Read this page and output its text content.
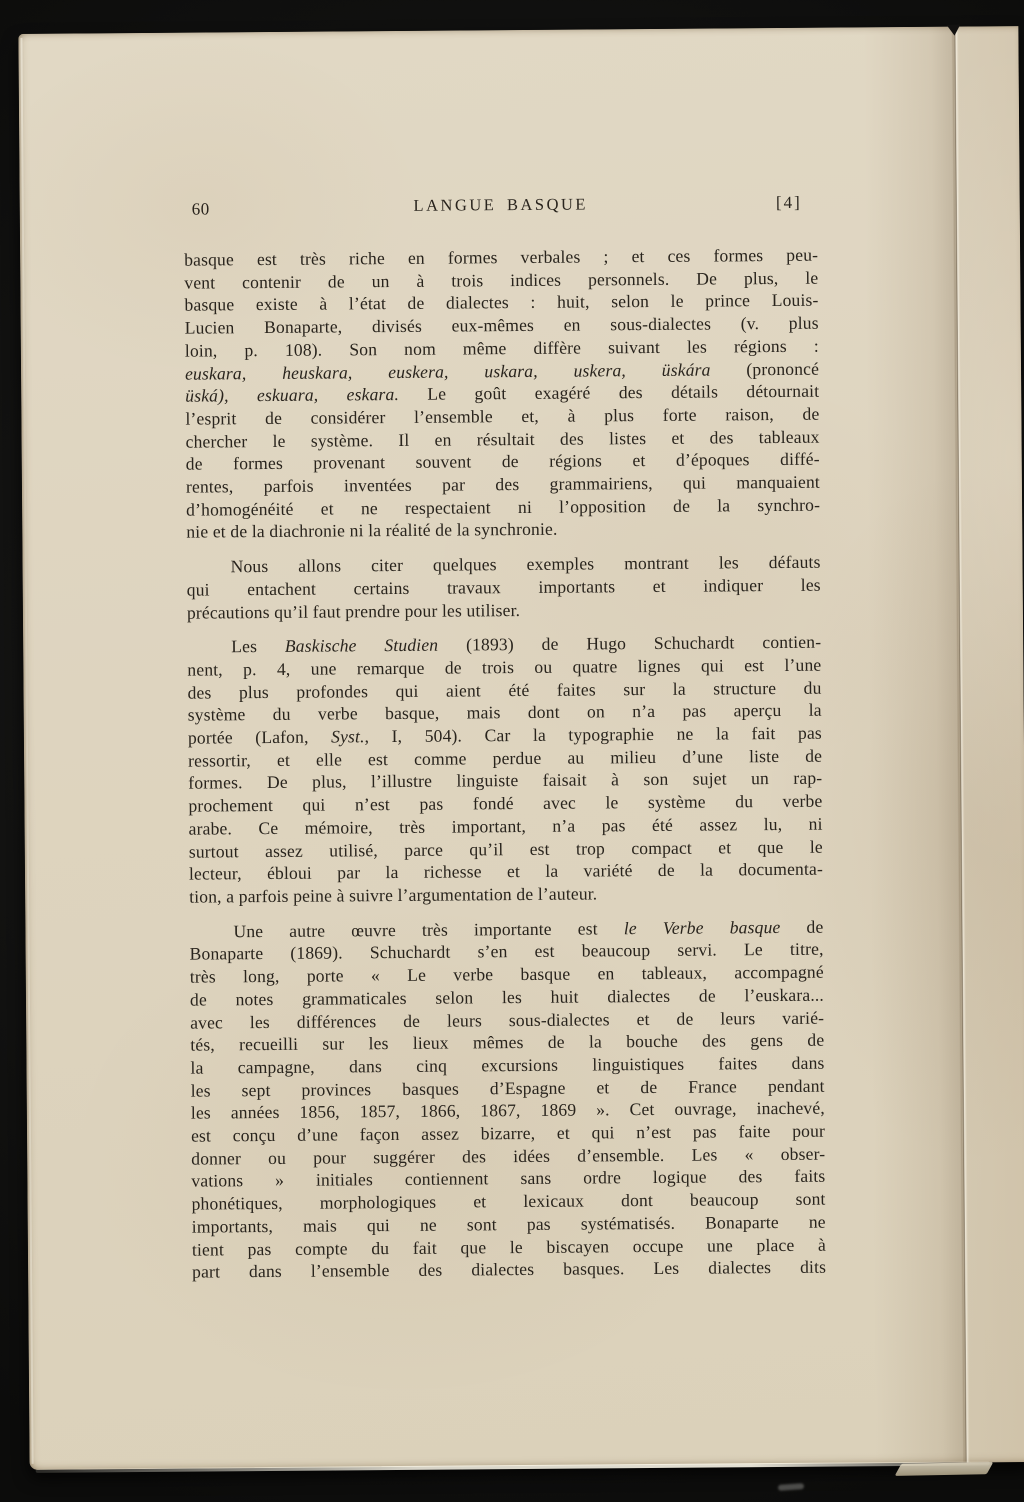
60	LANGUE BASQUE	[4]
basque est très riche en formes verbales ; et ces formes peu-
vent contenir de un à trois indices personnels. De plus, le
basque existe à l’état de dialectes : huit, selon le prince Louis-
Lucien Bonaparte, divisés eux-mêmes en sous-dialectes (v. plus
loin, p. 108). Son nom même diffère suivant les régions :
euskara, heuskara, euskera, uskara, uskera, üskára (prononcé
üská), eskuara, eskara. Le goût exagéré des détails détournait
l’esprit de considérer l’ensemble et, à plus forte raison, de
chercher le système. Il en résultait des listes et des tableaux
de formes provenant souvent de régions et d’époques diffé-
rentes, parfois inventées par des grammairiens, qui manquaient
d’homogénéité et ne respectaient ni l’opposition de la synchro-
nie et de la diachronie ni la réalité de la synchronie.
Nous allons citer quelques exemples montrant les défauts
qui entachent certains travaux importants et indiquer les
précautions qu’il faut prendre pour les utiliser.
Les Baskische Studien (1893) de Hugo Schuchardt contien-
nent, p. 4, une remarque de trois ou quatre lignes qui est l’une
des plus profondes qui aient été faites sur la structure du
système du verbe basque, mais dont on n’a pas aperçu la
portée (Lafon, Syst., I, 504). Car la typographie ne la fait pas
ressortir, et elle est comme perdue au milieu d’une liste de
formes. De plus, l’illustre linguiste faisait à son sujet un rap-
prochement qui n’est pas fondé avec le système du verbe
arabe. Ce mémoire, très important, n’a pas été assez lu, ni
surtout assez utilisé, parce qu’il est trop compact et que le
lecteur, ébloui par la richesse et la variété de la documenta-
tion, a parfois peine à suivre l’argumentation de l’auteur.
Une autre œuvre très importante est le Verbe basque de
Bonaparte (1869). Schuchardt s’en est beaucoup servi. Le titre,
très long, porte « Le verbe basque en tableaux, accompagné
de notes grammaticales selon les huit dialectes de l’euskara...
avec les différences de leurs sous-dialectes et de leurs varié-
tés, recueilli sur les lieux mêmes de la bouche des gens de
la campagne, dans cinq excursions linguistiques faites dans
les sept provinces basques d’Espagne et de France pendant
les années 1856, 1857, 1866, 1867, 1869 ». Cet ouvrage, inachevé,
est conçu d’une façon assez bizarre, et qui n’est pas faite pour
donner ou pour suggérer des idées d’ensemble. Les « obser-
vations » initiales contiennent sans ordre logique des faits
phonétiques, morphologiques et lexicaux dont beaucoup sont
importants, mais qui ne sont pas systématisés. Bonaparte ne
tient pas compte du fait que le biscayen occupe une place à
part dans l’ensemble des dialectes basques. Les dialectes dits
